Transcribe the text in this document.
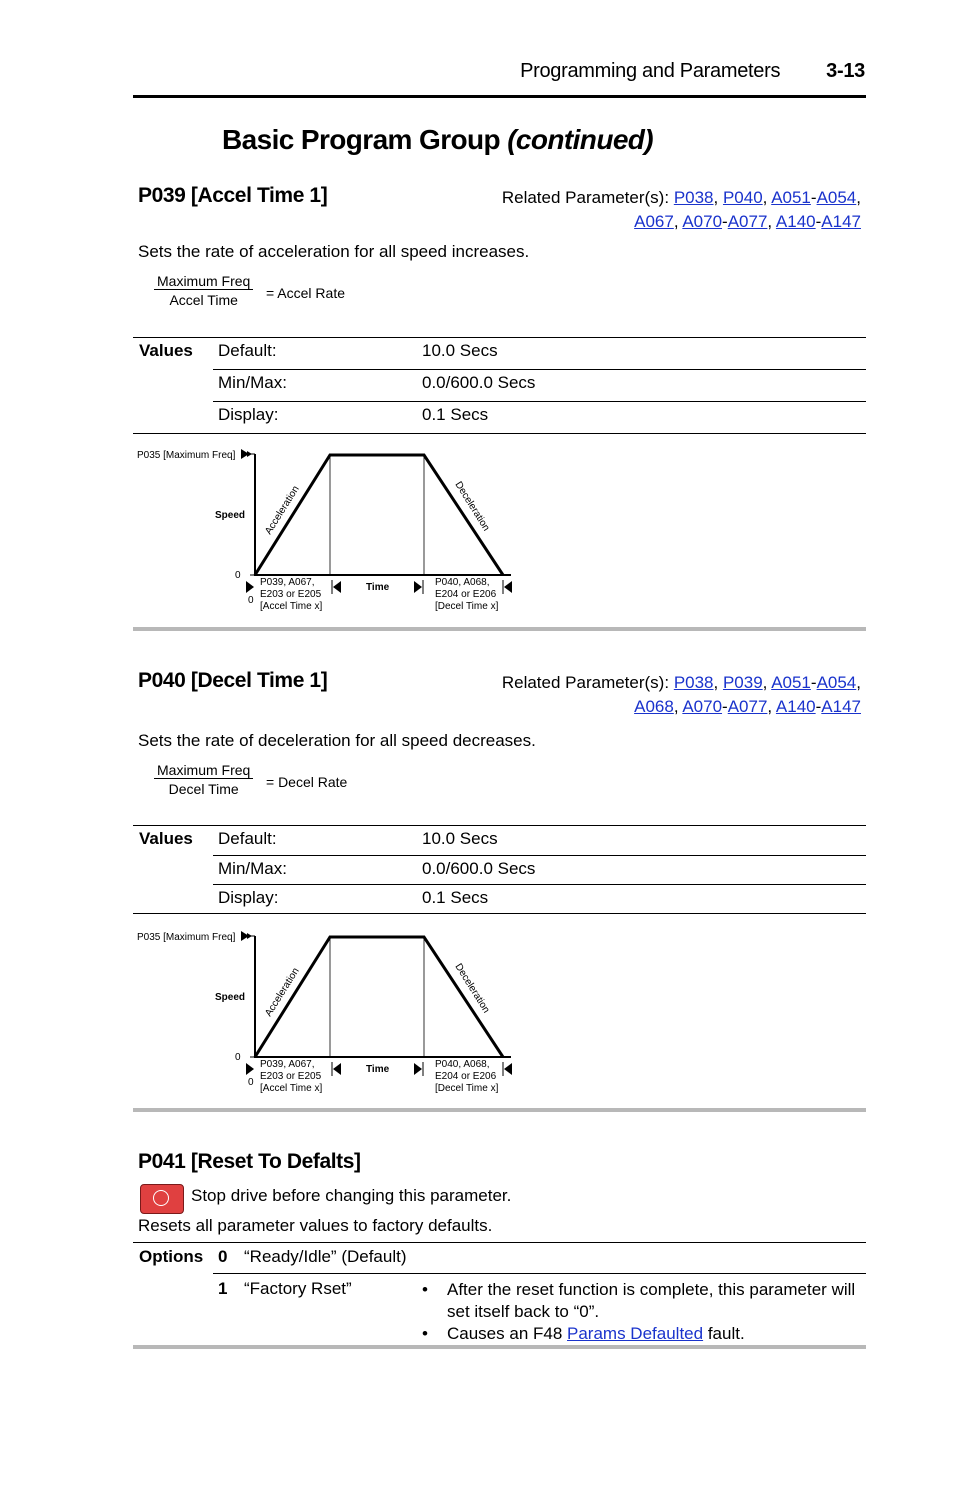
Programming and Parameters 3-13
Basic Program Group (continued)
P039 [Accel Time 1]	Related Parameter(s): P038, P040, A051-A054,
A067, A070-A077, A140-A147
Sets the rate of acceleration for all speed increases.
Maximum Freq
Accel Time	= Accel Rate
Values Default:	10.0 Secs
Min/Max:	0.0/600.0 Secs
Display:	0.1 Secs
P035 [Maximum Freq]
Speed
0
0
Acceleration	Deceleration
Time
P039, A067,
E203 or E205
[Accel Time x]
P040, A068,
E204 or E206
[Decel Time x]
P040 [Decel Time 1]	Related Parameter(s): P038, P039, A051-A054,
A068, A070-A077, A140-A147
Sets the rate of deceleration for all speed decreases.
Maximum Freq
Decel Time	= Decel Rate
Values Default:	10.0 Secs
Min/Max:	0.0/600.0 Secs
Display:	0.1 Secs
P035 [Maximum Freq]
Speed
0
0
Acceleration	Deceleration
Time
P039, A067,
E203 or E205
[Accel Time x]
P040, A068,
E204 or E206
[Decel Time x]
P041 [Reset To Defalts]
Stop drive before changing this parameter.
Resets all parameter values to factory defaults.
Options 0 “Ready/Idle” (Default)
1 “Factory Rset”
•	After the reset function is complete, this parameter will set itself back to “0”.
• Causes an F48 Params Defaulted fault.
